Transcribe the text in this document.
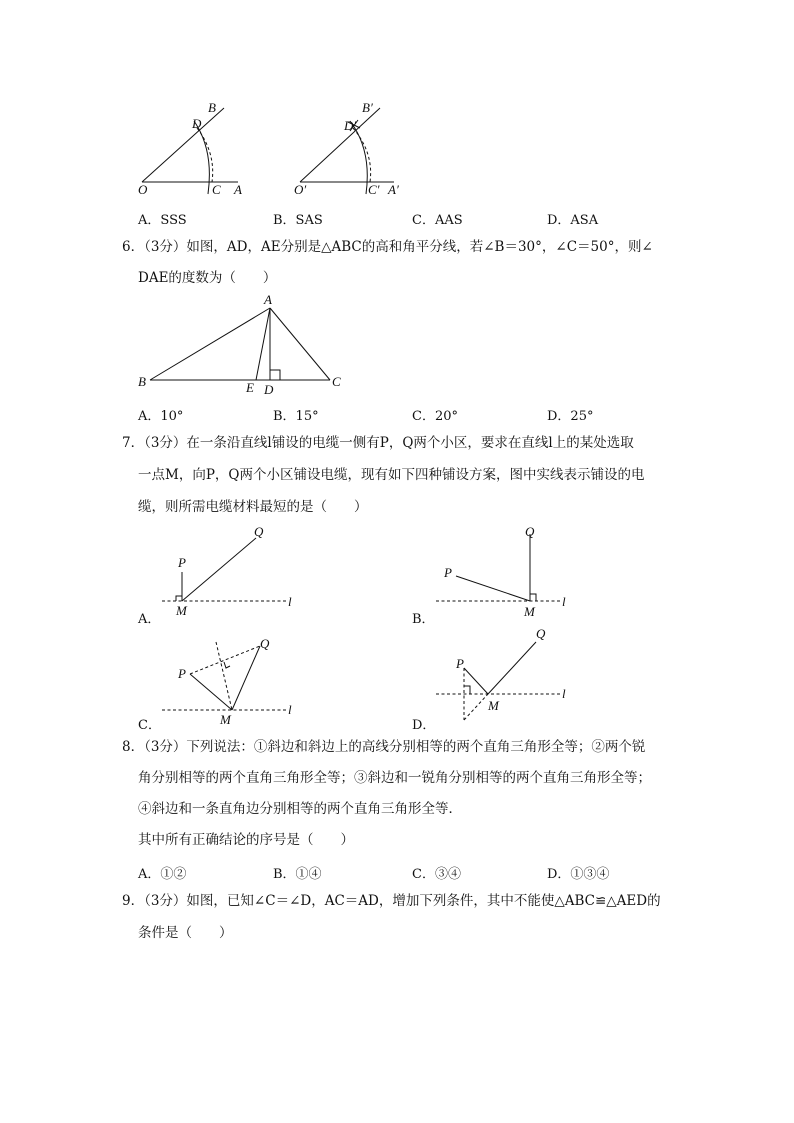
B
D
O	C A
B′
D′
O′	C′ A′
A．SSS	B．SAS	C．AAS	D．ASA
6．（3分）如图，AD，AE分别是△ABC的高和角平分线，若∠B＝30°，∠C＝50°，则∠
DAE的度数为（　　）
A
B	E D
C
A．10°	B．15°	C．20°	D．25°
7．（3分）在一条沿直线l铺设的电缆一侧有P，Q两个小区，要求在直线l上的某处选取
一点M，向P，Q两个小区铺设电缆，现有如下四种铺设方案，图中实线表示铺设的电
缆，则所需电缆材料最短的是（　　）
A．
P
Q
M
l
B．
P
Q
M
l
C．
P
Q
M
l
D．
P
Q
M
l
8．（3分）下列说法：①斜边和斜边上的高线分别相等的两个直角三角形全等；②两个锐
角分别相等的两个直角三角形全等；③斜边和一锐角分别相等的两个直角三角形全等；
④斜边和一条直角边分别相等的两个直角三角形全等．
其中所有正确结论的序号是（　　）
A．①②	B．①④	C．③④	D．①③④
9．（3分）如图，已知∠C＝∠D，AC＝AD，增加下列条件，其中不能使△ABC≌△AED的
条件是（　　）
